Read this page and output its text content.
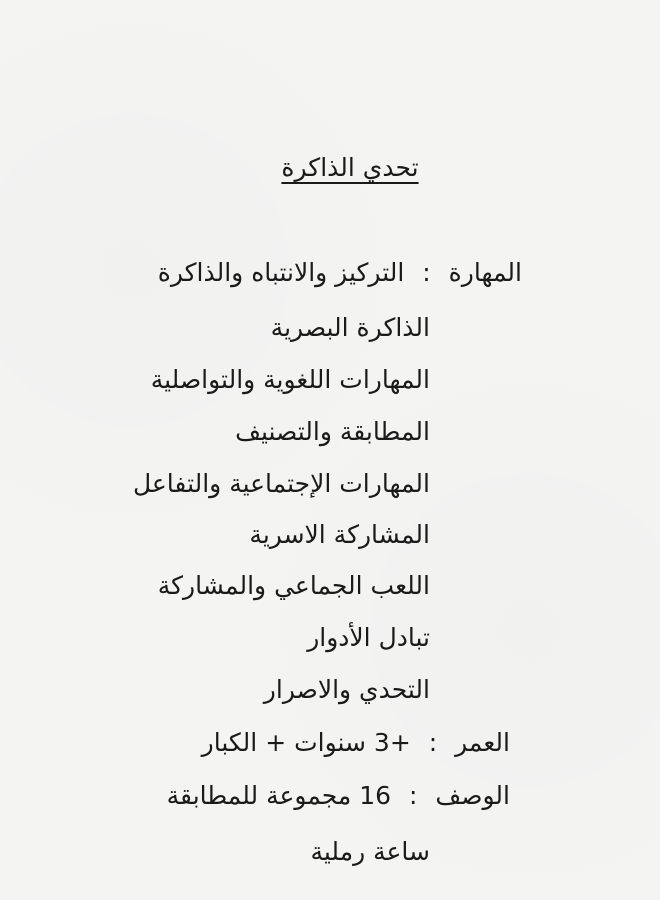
تحدي الذاكرة
المهارة : التركيز والانتباه والذاكرة
الذاكرة البصرية
المهارات اللغوية والتواصلية
المطابقة والتصنيف
المهارات الإجتماعية والتفاعل
المشاركة الاسرية
اللعب الجماعي والمشاركة
تبادل الأدوار
التحدي والاصرار
العمر : +3 سنوات + الكبار
الوصف : 16 مجموعة للمطابقة
ساعة رملية
